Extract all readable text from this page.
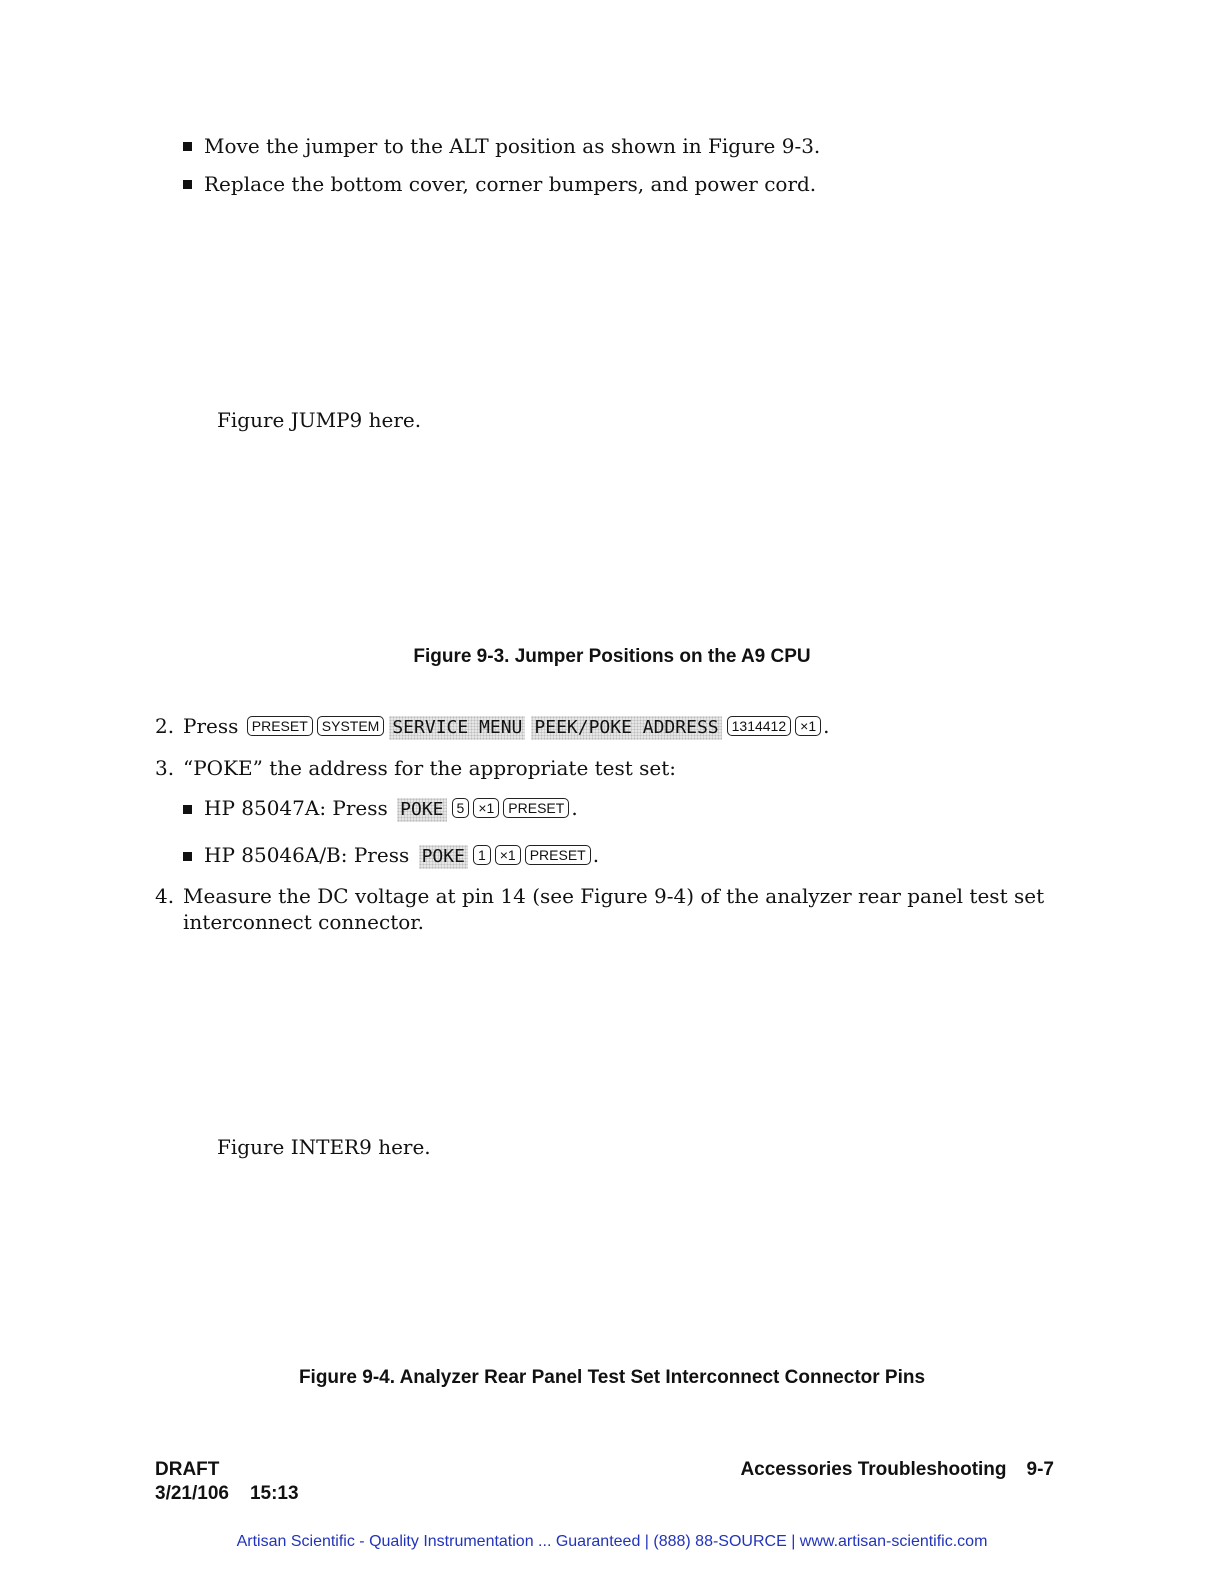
Move the jumper to the ALT position as shown in Figure 9-3.
Replace the bottom cover, corner bumpers, and power cord.
Figure JUMP9 here.
Figure 9-3. Jumper Positions on the A9 CPU
2. Press PRESET SYSTEM SERVICE MENU PEEK/POKE ADDRESS 1314412 ×1 .
3. “POKE” the address for the appropriate test set:
HP 85047A: Press POKE 5 ×1 PRESET .
HP 85046A/B: Press POKE 1 ×1 PRESET .
4. Measure the DC voltage at pin 14 (see Figure 9-4) of the analyzer rear panel test set
interconnect connector.
Figure INTER9 here.
Figure 9-4. Analyzer Rear Panel Test Set Interconnect Connector Pins
DRAFT
3/21/106 15:13
Accessories Troubleshooting 9-7
Artisan Scientific - Quality Instrumentation ... Guaranteed | (888) 88-SOURCE | www.artisan-scientific.com
